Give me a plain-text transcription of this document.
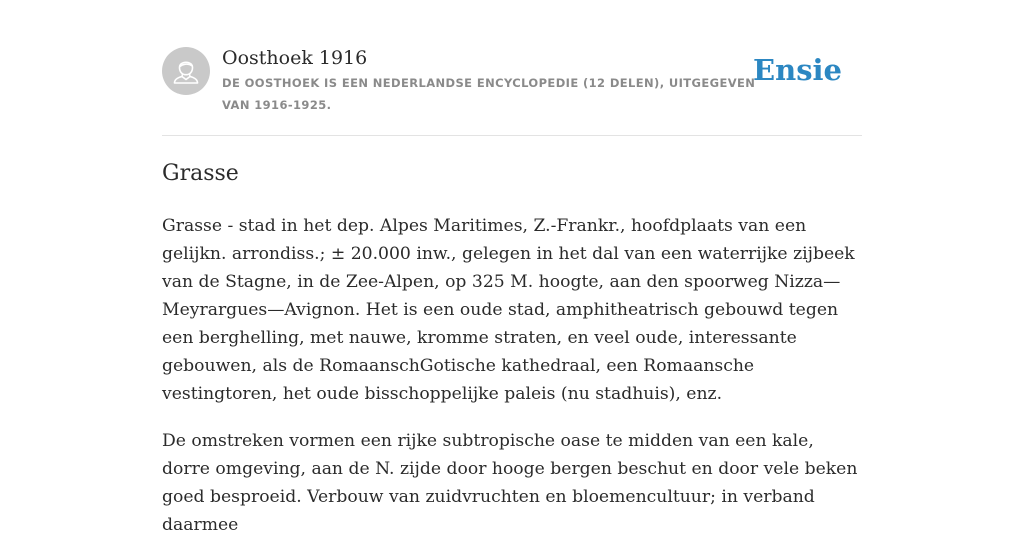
Oosthoek 1916
DE OOSTHOEK IS EEN NEDERLANDSE ENCYCLOPEDIE (12 DELEN), UITGEGEVEN VAN 1916-1925.
Ensie
Grasse

Grasse - stad in het dep. Alpes Maritimes, Z.-Frankr., hoofdplaats van een gelijkn. arrondiss.; ± 20.000 inw., gelegen in het dal van een waterrijke zijbeek van de Stagne, in de Zee-Alpen, op 325 M. hoogte, aan den spoorweg Nizza—Meyrargues—Avignon. Het is een oude stad, amphitheatrisch gebouwd tegen een berghelling, met nauwe, kromme straten, en veel oude, interessante gebouwen, als de RomaanschGotische kathedraal, een Romaansche vestingtoren, het oude bisschoppelijke paleis (nu stadhuis), enz.

De omstreken vormen een rijke subtropische oase te midden van een kale, dorre omgeving, aan de N. zijde door hooge bergen beschut en door vele beken goed besproeid. Verbouw van zuidvruchten en bloemencultuur; in verband daarmee
